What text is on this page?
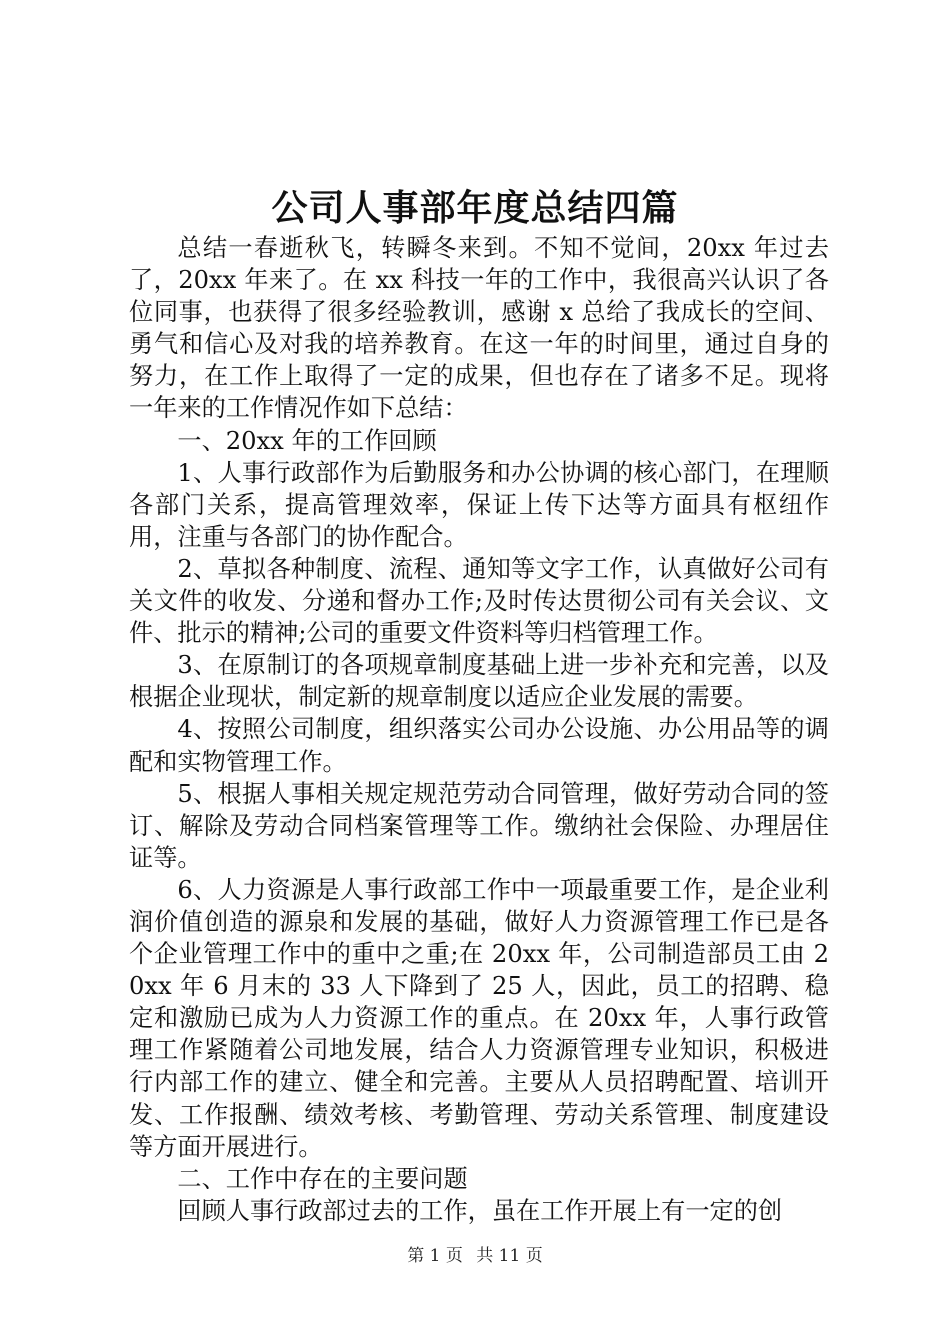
公司人事部年度总结四篇

总结一春逝秋飞，转瞬冬来到。不知不觉间，20xx 年过去了，20xx 年来了。在 xx 科技一年的工作中，我很高兴认识了各位同事，也获得了很多经验教训，感谢 x 总给了我成长的空间、勇气和信心及对我的培养教育。在这一年的时间里，通过自身的努力，在工作上取得了一定的成果，但也存在了诸多不足。现将一年来的工作情况作如下总结：

一、20xx 年的工作回顾

1、人事行政部作为后勤服务和办公协调的核心部门，在理顺各部门关系，提高管理效率，保证上传下达等方面具有枢纽作用，注重与各部门的协作配合。

2、草拟各种制度、流程、通知等文字工作，认真做好公司有关文件的收发、分递和督办工作;及时传达贯彻公司有关会议、文件、批示的精神;公司的重要文件资料等归档管理工作。

3、在原制订的各项规章制度基础上进一步补充和完善，以及根据企业现状，制定新的规章制度以适应企业发展的需要。

4、按照公司制度，组织落实公司办公设施、办公用品等的调配和实物管理工作。

5、根据人事相关规定规范劳动合同管理，做好劳动合同的签订、解除及劳动合同档案管理等工作。缴纳社会保险、办理居住证等。

6、人力资源是人事行政部工作中一项最重要工作，是企业利润价值创造的源泉和发展的基础，做好人力资源管理工作已是各个企业管理工作中的重中之重;在 20xx 年，公司制造部员工由 20xx 年 6 月末的 33 人下降到了 25 人，因此，员工的招聘、稳定和激励已成为人力资源工作的重点。在 20xx 年，人事行政管理工作紧随着公司地发展，结合人力资源管理专业知识，积极进行内部工作的建立、健全和完善。主要从人员招聘配置、培训开发、工作报酬、绩效考核、考勤管理、劳动关系管理、制度建设等方面开展进行。

二、工作中存在的主要问题

回顾人事行政部过去的工作，虽在工作开展上有一定的创

第 1 页 共 11 页
